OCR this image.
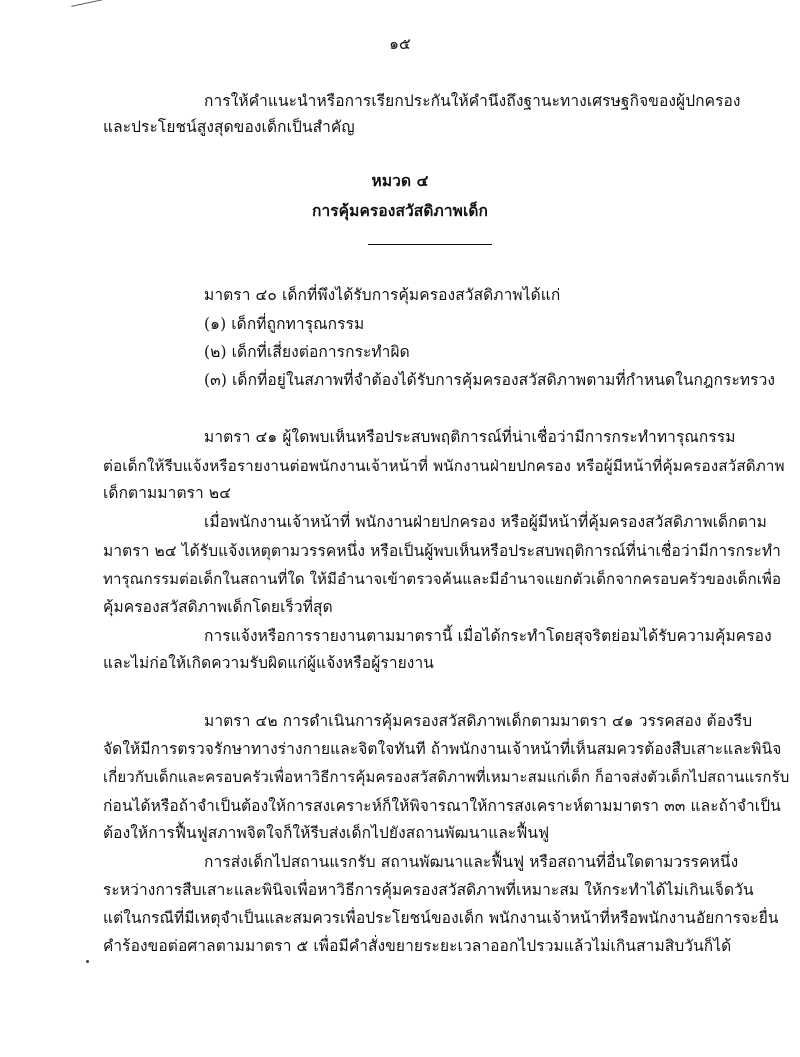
๑๕
การให้คำแนะนำหรือการเรียกประกันให้คำนึงถึงฐานะทางเศรษฐกิจของผู้ปกครอง
และประโยชน์สูงสุดของเด็กเป็นสำคัญ
หมวด ๔
การคุ้มครองสวัสดิภาพเด็ก
มาตรา ๔๐ เด็กที่พึงได้รับการคุ้มครองสวัสดิภาพได้แก่
(๑) เด็กที่ถูกทารุณกรรม
(๒) เด็กที่เสี่ยงต่อการกระทำผิด
(๓) เด็กที่อยู่ในสภาพที่จำต้องได้รับการคุ้มครองสวัสดิภาพตามที่กำหนดในกฎกระทรวง
มาตรา ๔๑ ผู้ใดพบเห็นหรือประสบพฤติการณ์ที่น่าเชื่อว่ามีการกระทำทารุณกรรม
ต่อเด็กให้รีบแจ้งหรือรายงานต่อพนักงานเจ้าหน้าที่ พนักงานฝ่ายปกครอง หรือผู้มีหน้าที่คุ้มครองสวัสดิภาพ
เด็กตามมาตรา ๒๔
เมื่อพนักงานเจ้าหน้าที่ พนักงานฝ่ายปกครอง หรือผู้มีหน้าที่คุ้มครองสวัสดิภาพเด็กตาม
มาตรา ๒๔ ได้รับแจ้งเหตุตามวรรคหนึ่ง หรือเป็นผู้พบเห็นหรือประสบพฤติการณ์ที่น่าเชื่อว่ามีการกระทำ
ทารุณกรรมต่อเด็กในสถานที่ใด ให้มีอำนาจเข้าตรวจค้นและมีอำนาจแยกตัวเด็กจากครอบครัวของเด็กเพื่อ
คุ้มครองสวัสดิภาพเด็กโดยเร็วที่สุด
การแจ้งหรือการรายงานตามมาตรานี้ เมื่อได้กระทำโดยสุจริตย่อมได้รับความคุ้มครอง
และไม่ก่อให้เกิดความรับผิดแก่ผู้แจ้งหรือผู้รายงาน
มาตรา ๔๒ การดำเนินการคุ้มครองสวัสดิภาพเด็กตามมาตรา ๔๑ วรรคสอง ต้องรีบ
จัดให้มีการตรวจรักษาทางร่างกายและจิตใจทันที ถ้าพนักงานเจ้าหน้าที่เห็นสมควรต้องสืบเสาะและพินิจ
เกี่ยวกับเด็กและครอบครัวเพื่อหาวิธีการคุ้มครองสวัสดิภาพที่เหมาะสมแก่เด็ก ก็อาจส่งตัวเด็กไปสถานแรกรับ
ก่อนได้หรือถ้าจำเป็นต้องให้การสงเคราะห์ก็ให้พิจารณาให้การสงเคราะห์ตามมาตรา ๓๓ และถ้าจำเป็น
ต้องให้การฟื้นฟูสภาพจิตใจก็ให้รีบส่งเด็กไปยังสถานพัฒนาและฟื้นฟู
การส่งเด็กไปสถานแรกรับ สถานพัฒนาและฟื้นฟู หรือสถานที่อื่นใดตามวรรคหนึ่ง
ระหว่างการสืบเสาะและพินิจเพื่อหาวิธีการคุ้มครองสวัสดิภาพที่เหมาะสม ให้กระทำได้ไม่เกินเจ็ดวัน
แต่ในกรณีที่มีเหตุจำเป็นและสมควรเพื่อประโยชน์ของเด็ก พนักงานเจ้าหน้าที่หรือพนักงานอัยการจะยื่น
คำร้องขอต่อศาลตามมาตรา ๕ เพื่อมีคำสั่งขยายระยะเวลาออกไปรวมแล้วไม่เกินสามสิบวันก็ได้
